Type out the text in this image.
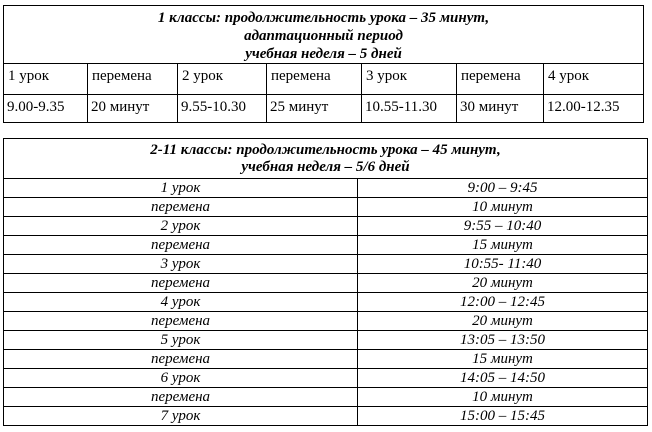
1 классы: продолжительность урока – 35 минут,
адаптационный период
учебная неделя – 5 дней						

1 урок	перемена	2 урок	перемена	3 урок	перемена	4 урок
9.00-9.35	20 минут	9.55-10.30	25 минут	10.55-11.30	30 минут	12.00-12.35
2-11 классы: продолжительность урока – 45 минут,
учебная неделя – 5/6 дней	

1 урок	9:00 – 9:45
перемена	10 минут
2 урок	9:55 – 10:40
перемена	15 минут
3 урок	10:55- 11:40
перемена	20 минут
4 урок	12:00 – 12:45
перемена	20 минут
5 урок	13:05 – 13:50
перемена	15 минут
6 урок	14:05 – 14:50
перемена	10 минут
7 урок	15:00 – 15:45
